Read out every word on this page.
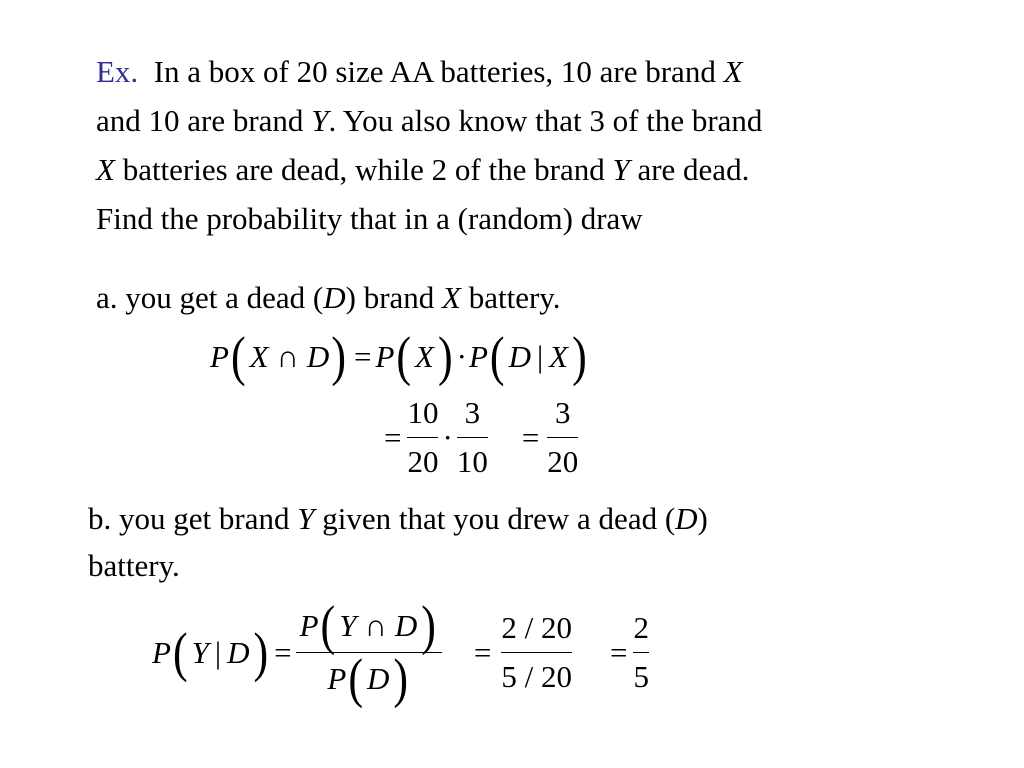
Ex. In a box of 20 size AA batteries, 10 are brand X
and 10 are brand Y. You also know that 3 of the brand
X batteries are dead, while 2 of the brand Y are dead.
Find the probability that in a (random) draw
a. you get a dead (D) brand X battery.
P ( X ∩ D ) = P ( X ) · P ( D | X )
= $\frac{10}{20} \cdot \frac{3}{10} = \frac{3}{20}$
b. you get brand Y given that you drew a dead (D)
battery.
P ( Y | D ) = $\frac{P ( Y \cap D )}{P ( D )} = \frac{2 / 20}{5 / 20} = \frac{2}{5}$
